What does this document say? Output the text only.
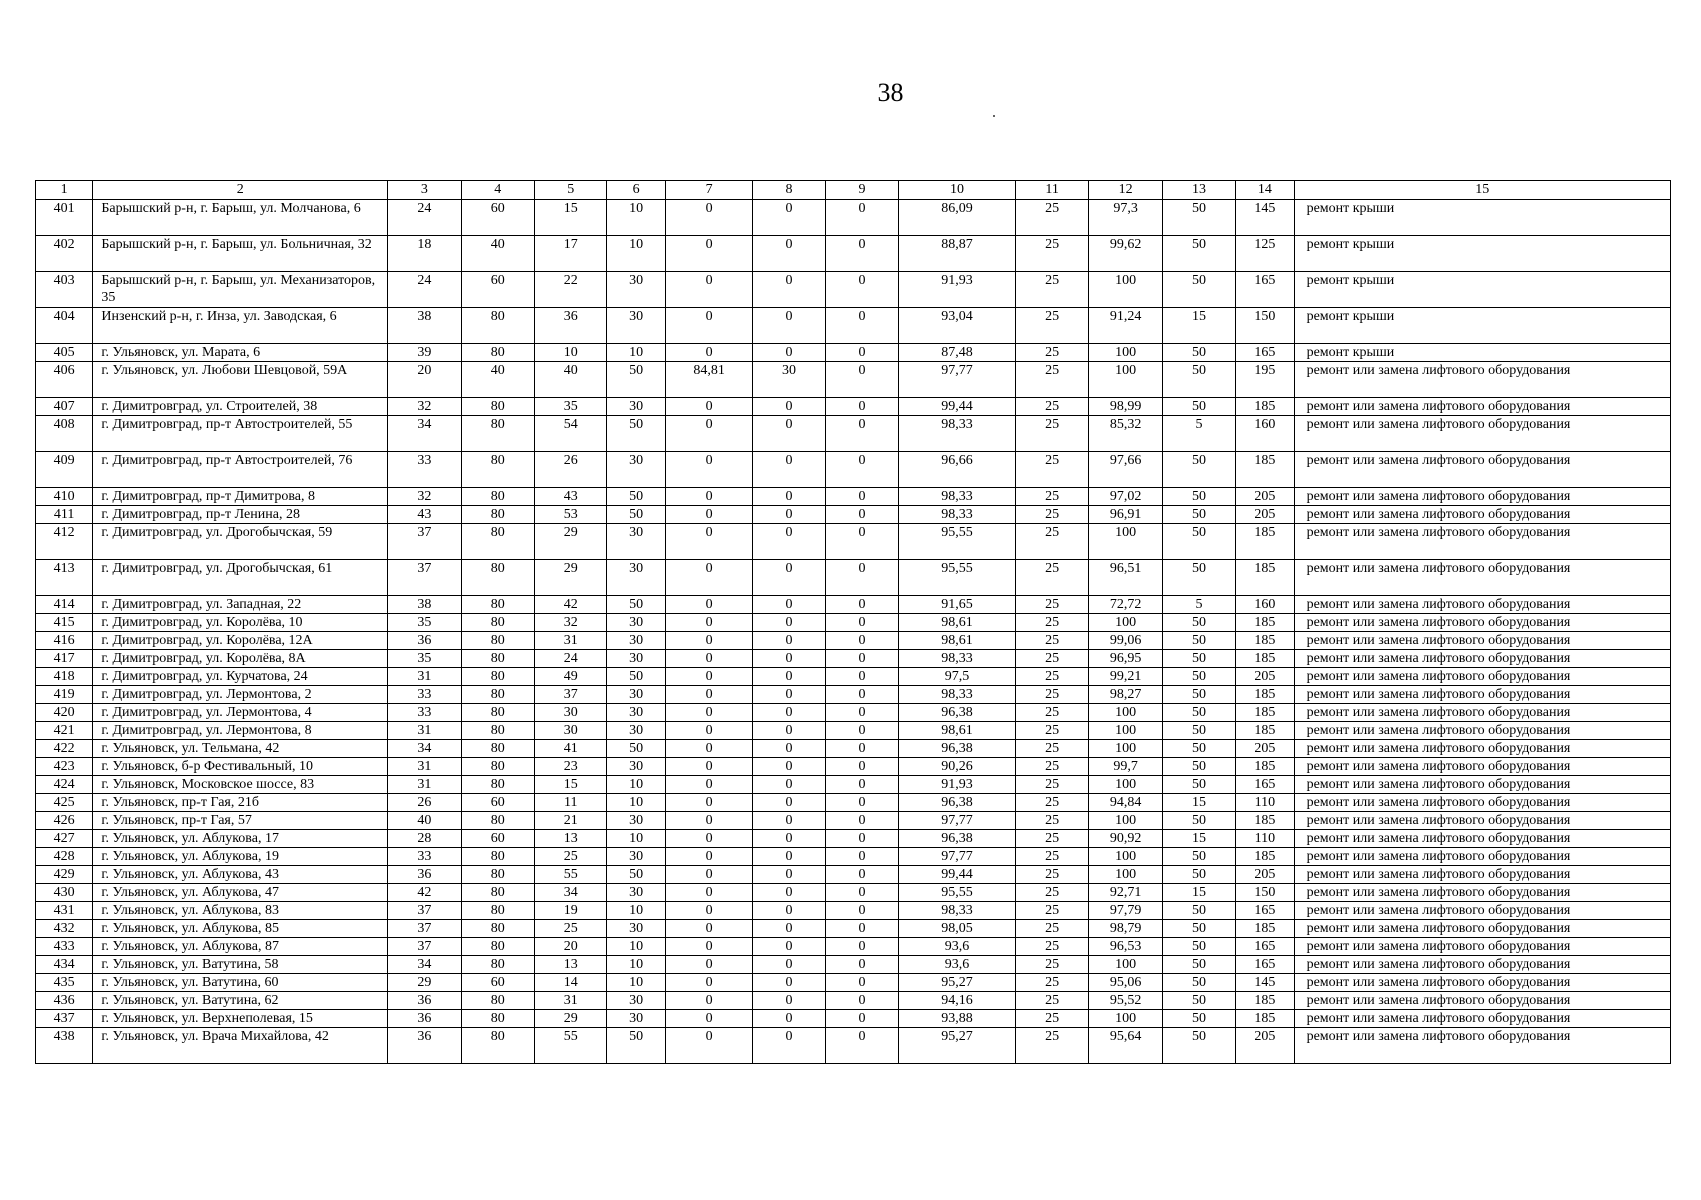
38
1	2	3	4	5	6	7	8	9	10	11	12	13	14	15
401	Барышский р-н, г. Барыш, ул. Молчанова, 6	24	60	15	10	0	0	0	86,09	25	97,3	50	145	ремонт крыши
402	Барышский р-н, г. Барыш, ул. Больничная, 32	18	40	17	10	0	0	0	88,87	25	99,62	50	125	ремонт крыши
403	Барышский р-н, г. Барыш, ул. Механизаторов, 35	24	60	22	30	0	0	0	91,93	25	100	50	165	ремонт крыши
404	Инзенский р-н, г. Инза, ул. Заводская, 6	38	80	36	30	0	0	0	93,04	25	91,24	15	150	ремонт крыши
405	г. Ульяновск, ул. Марата, 6	39	80	10	10	0	0	0	87,48	25	100	50	165	ремонт крыши
406	г. Ульяновск, ул. Любови Шевцовой, 59А	20	40	40	50	84,81	30	0	97,77	25	100	50	195	ремонт или замена лифтового оборудования
407	г. Димитровград, ул. Строителей, 38	32	80	35	30	0	0	0	99,44	25	98,99	50	185	ремонт или замена лифтового оборудования
408	г. Димитровград, пр-т Автостроителей, 55	34	80	54	50	0	0	0	98,33	25	85,32	5	160	ремонт или замена лифтового оборудования
409	г. Димитровград, пр-т Автостроителей, 76	33	80	26	30	0	0	0	96,66	25	97,66	50	185	ремонт или замена лифтового оборудования
410	г. Димитровград, пр-т Димитрова, 8	32	80	43	50	0	0	0	98,33	25	97,02	50	205	ремонт или замена лифтового оборудования
411	г. Димитровград, пр-т Ленина, 28	43	80	53	50	0	0	0	98,33	25	96,91	50	205	ремонт или замена лифтового оборудования
412	г. Димитровград, ул. Дрогобычская, 59	37	80	29	30	0	0	0	95,55	25	100	50	185	ремонт или замена лифтового оборудования
413	г. Димитровград, ул. Дрогобычская, 61	37	80	29	30	0	0	0	95,55	25	96,51	50	185	ремонт или замена лифтового оборудования
414	г. Димитровград, ул. Западная, 22	38	80	42	50	0	0	0	91,65	25	72,72	5	160	ремонт или замена лифтового оборудования
415	г. Димитровград, ул. Королёва, 10	35	80	32	30	0	0	0	98,61	25	100	50	185	ремонт или замена лифтового оборудования
416	г. Димитровград, ул. Королёва, 12А	36	80	31	30	0	0	0	98,61	25	99,06	50	185	ремонт или замена лифтового оборудования
417	г. Димитровград, ул. Королёва, 8А	35	80	24	30	0	0	0	98,33	25	96,95	50	185	ремонт или замена лифтового оборудования
418	г. Димитровград, ул. Курчатова, 24	31	80	49	50	0	0	0	97,5	25	99,21	50	205	ремонт или замена лифтового оборудования
419	г. Димитровград, ул. Лермонтова, 2	33	80	37	30	0	0	0	98,33	25	98,27	50	185	ремонт или замена лифтового оборудования
420	г. Димитровград, ул. Лермонтова, 4	33	80	30	30	0	0	0	96,38	25	100	50	185	ремонт или замена лифтового оборудования
421	г. Димитровград, ул. Лермонтова, 8	31	80	30	30	0	0	0	98,61	25	100	50	185	ремонт или замена лифтового оборудования
422	г. Ульяновск, ул. Тельмана, 42	34	80	41	50	0	0	0	96,38	25	100	50	205	ремонт или замена лифтового оборудования
423	г. Ульяновск, б-р Фестивальный, 10	31	80	23	30	0	0	0	90,26	25	99,7	50	185	ремонт или замена лифтового оборудования
424	г. Ульяновск, Московское шоссе, 83	31	80	15	10	0	0	0	91,93	25	100	50	165	ремонт или замена лифтового оборудования
425	г. Ульяновск, пр-т Гая, 21б	26	60	11	10	0	0	0	96,38	25	94,84	15	110	ремонт или замена лифтового оборудования
426	г. Ульяновск, пр-т Гая, 57	40	80	21	30	0	0	0	97,77	25	100	50	185	ремонт или замена лифтового оборудования
427	г. Ульяновск, ул. Аблукова, 17	28	60	13	10	0	0	0	96,38	25	90,92	15	110	ремонт или замена лифтового оборудования
428	г. Ульяновск, ул. Аблукова, 19	33	80	25	30	0	0	0	97,77	25	100	50	185	ремонт или замена лифтового оборудования
429	г. Ульяновск, ул. Аблукова, 43	36	80	55	50	0	0	0	99,44	25	100	50	205	ремонт или замена лифтового оборудования
430	г. Ульяновск, ул. Аблукова, 47	42	80	34	30	0	0	0	95,55	25	92,71	15	150	ремонт или замена лифтового оборудования
431	г. Ульяновск, ул. Аблукова, 83	37	80	19	10	0	0	0	98,33	25	97,79	50	165	ремонт или замена лифтового оборудования
432	г. Ульяновск, ул. Аблукова, 85	37	80	25	30	0	0	0	98,05	25	98,79	50	185	ремонт или замена лифтового оборудования
433	г. Ульяновск, ул. Аблукова, 87	37	80	20	10	0	0	0	93,6	25	96,53	50	165	ремонт или замена лифтового оборудования
434	г. Ульяновск, ул. Ватутина, 58	34	80	13	10	0	0	0	93,6	25	100	50	165	ремонт или замена лифтового оборудования
435	г. Ульяновск, ул. Ватутина, 60	29	60	14	10	0	0	0	95,27	25	95,06	50	145	ремонт или замена лифтового оборудования
436	г. Ульяновск, ул. Ватутина, 62	36	80	31	30	0	0	0	94,16	25	95,52	50	185	ремонт или замена лифтового оборудования
437	г. Ульяновск, ул. Верхнеполевая, 15	36	80	29	30	0	0	0	93,88	25	100	50	185	ремонт или замена лифтового оборудования
438	г. Ульяновск, ул. Врача Михайлова, 42	36	80	55	50	0	0	0	95,27	25	95,64	50	205	ремонт или замена лифтового оборудования
